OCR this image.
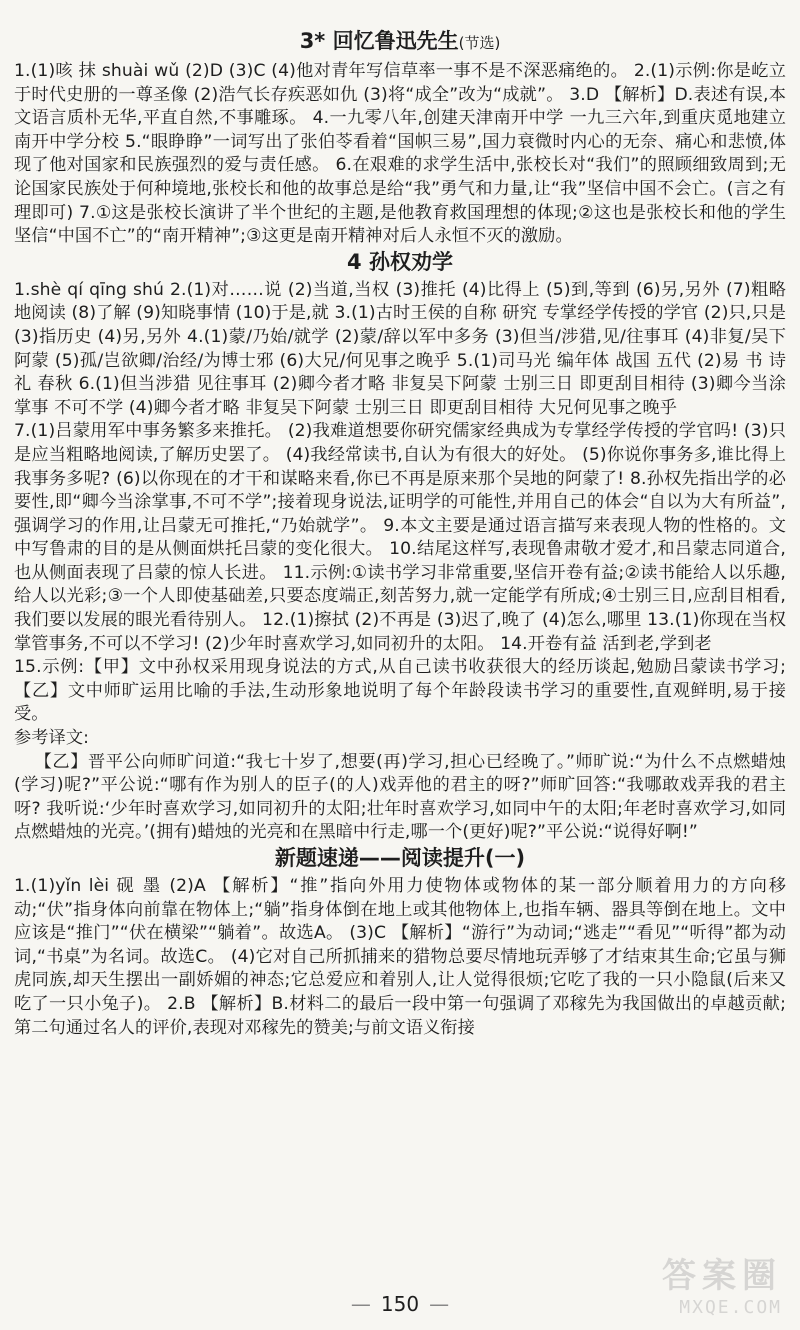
3* 回忆鲁迅先生(节选)

1.(1)咳 抹 shuài wǔ (2)D (3)C (4)他对青年写信草率一事不是不深恶痛绝的。 2.(1)示例:你是屹立于时代史册的一尊圣像 (2)浩气长存疾恶如仇 (3)将“成全”改为“成就”。 3.D 【解析】D.表述有误,本文语言质朴无华,平直自然,不事雕琢。 4.一九零八年,创建天津南开中学 一九三六年,到重庆觅地建立南开中学分校 5.“眼睁睁”一词写出了张伯苓看着“国帜三易”,国力衰微时内心的无奈、痛心和悲愤,体现了他对国家和民族强烈的爱与责任感。 6.在艰难的求学生活中,张校长对“我们”的照顾细致周到;无论国家民族处于何种境地,张校长和他的故事总是给“我”勇气和力量,让“我”坚信中国不会亡。(言之有理即可) 7.①这是张校长演讲了半个世纪的主题,是他教育救国理想的体现;②这也是张校长和他的学生坚信“中国不亡”的“南开精神”;③这更是南开精神对后人永恒不灭的激励。

4 孙权劝学

1.shè qí qīng shú 2.(1)对……说 (2)当道,当权 (3)推托 (4)比得上 (5)到,等到 (6)另,另外 (7)粗略地阅读 (8)了解 (9)知晓事情 (10)于是,就 3.(1)古时王侯的自称 研究 专掌经学传授的学官 (2)只,只是 (3)指历史 (4)另,另外 4.(1)蒙/乃始/就学 (2)蒙/辞以军中多务 (3)但当/涉猎,见/往事耳 (4)非复/吴下阿蒙 (5)孤/岂欲卿/治经/为博士邪 (6)大兄/何见事之晚乎 5.(1)司马光 编年体 战国 五代 (2)易 书 诗 礼 春秋 6.(1)但当涉猎 见往事耳 (2)卿今者才略 非复吴下阿蒙 士别三日 即更刮目相待 (3)卿今当涂掌事 不可不学 (4)卿今者才略 非复吴下阿蒙 士别三日 即更刮目相待 大兄何见事之晚乎

7.(1)吕蒙用军中事务繁多来推托。 (2)我难道想要你研究儒家经典成为专掌经学传授的学官吗! (3)只是应当粗略地阅读,了解历史罢了。 (4)我经常读书,自认为有很大的好处。 (5)你说你事务多,谁比得上我事务多呢? (6)以你现在的才干和谋略来看,你已不再是原来那个吴地的阿蒙了! 8.孙权先指出学的必要性,即“卿今当涂掌事,不可不学”;接着现身说法,证明学的可能性,并用自己的体会“自以为大有所益”,强调学习的作用,让吕蒙无可推托,“乃始就学”。 9.本文主要是通过语言描写来表现人物的性格的。文中写鲁肃的目的是从侧面烘托吕蒙的变化很大。 10.结尾这样写,表现鲁肃敬才爱才,和吕蒙志同道合,也从侧面表现了吕蒙的惊人长进。 11.示例:①读书学习非常重要,坚信开卷有益;②读书能给人以乐趣,给人以光彩;③一个人即使基础差,只要态度端正,刻苦努力,就一定能学有所成;④士别三日,应刮目相看,我们要以发展的眼光看待别人。 12.(1)擦拭 (2)不再是 (3)迟了,晚了 (4)怎么,哪里 13.(1)你现在当权掌管事务,不可以不学习! (2)少年时喜欢学习,如同初升的太阳。 14.开卷有益 活到老,学到老

15.示例:【甲】文中孙权采用现身说法的方式,从自己读书收获很大的经历谈起,勉励吕蒙读书学习;【乙】文中师旷运用比喻的手法,生动形象地说明了每个年龄段读书学习的重要性,直观鲜明,易于接受。

参考译文:

【乙】晋平公向师旷问道:“我七十岁了,想要(再)学习,担心已经晚了。”师旷说:“为什么不点燃蜡烛(学习)呢?”平公说:“哪有作为别人的臣子(的人)戏弄他的君主的呀?”师旷回答:“我哪敢戏弄我的君主呀? 我听说:‘少年时喜欢学习,如同初升的太阳;壮年时喜欢学习,如同中午的太阳;年老时喜欢学习,如同点燃蜡烛的光亮。’(拥有)蜡烛的光亮和在黑暗中行走,哪一个(更好)呢?”平公说:“说得好啊!”

新题速递——阅读提升(一)

1.(1)yǐn lèi 砚 墨 (2)A 【解析】“推”指向外用力使物体或物体的某一部分顺着用力的方向移动;“伏”指身体向前靠在物体上;“躺”指身体倒在地上或其他物体上,也指车辆、器具等倒在地上。文中应该是“推门”“伏在横梁”“躺着”。故选A。 (3)C 【解析】“游行”为动词;“逃走”“看见”“听得”都为动词,“书桌”为名词。故选C。 (4)它对自己所抓捕来的猎物总要尽情地玩弄够了才结束其生命;它虽与狮虎同族,却天生摆出一副娇媚的神态;它总爱应和着别人,让人觉得很烦;它吃了我的一只小隐鼠(后来又吃了一只小兔子)。 2.B 【解析】B.材料二的最后一段中第一句强调了邓稼先为我国做出的卓越贡献;第二句通过名人的评价,表现对邓稼先的赞美;与前文语义衔接

— 150 —
答案圈
MXQE.COM
